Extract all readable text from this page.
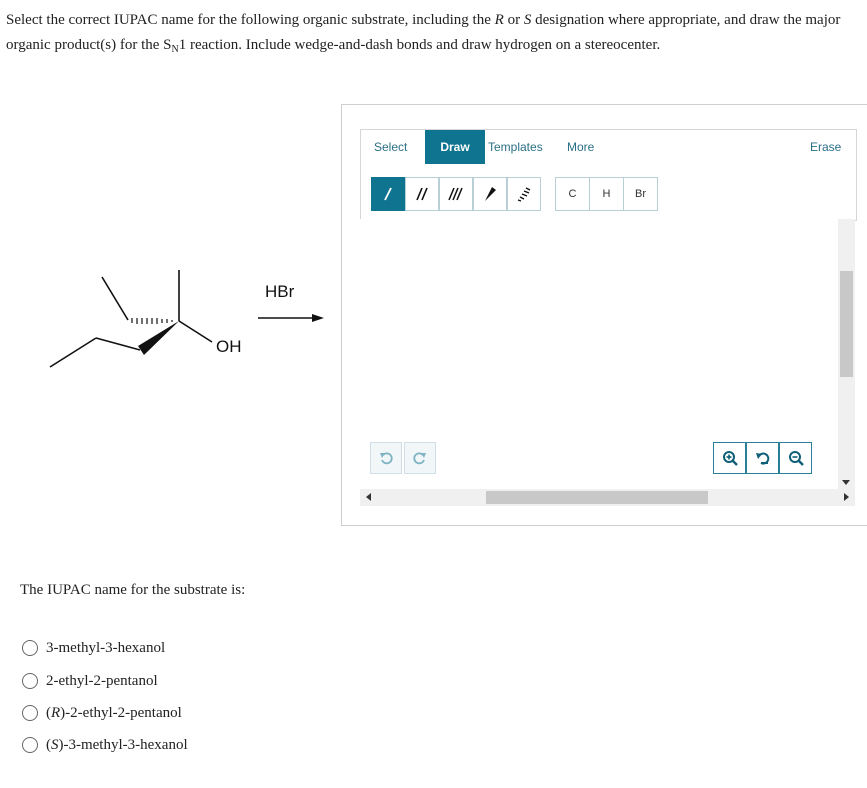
Select the correct IUPAC name for the following organic substrate, including the R or S designation where appropriate, and draw the major organic product(s) for the $S_N1$ reaction. Include wedge-and-dash bonds and draw hydrogen on a stereocenter.
OH
HBr
Select	Draw	Templates More	Erase
C	H	Br
The IUPAC name for the substrate is:
3-methyl-3-hexanol
2-ethyl-2-pentanol
(R)-2-ethyl-2-pentanol
(S)-3-methyl-3-hexanol
